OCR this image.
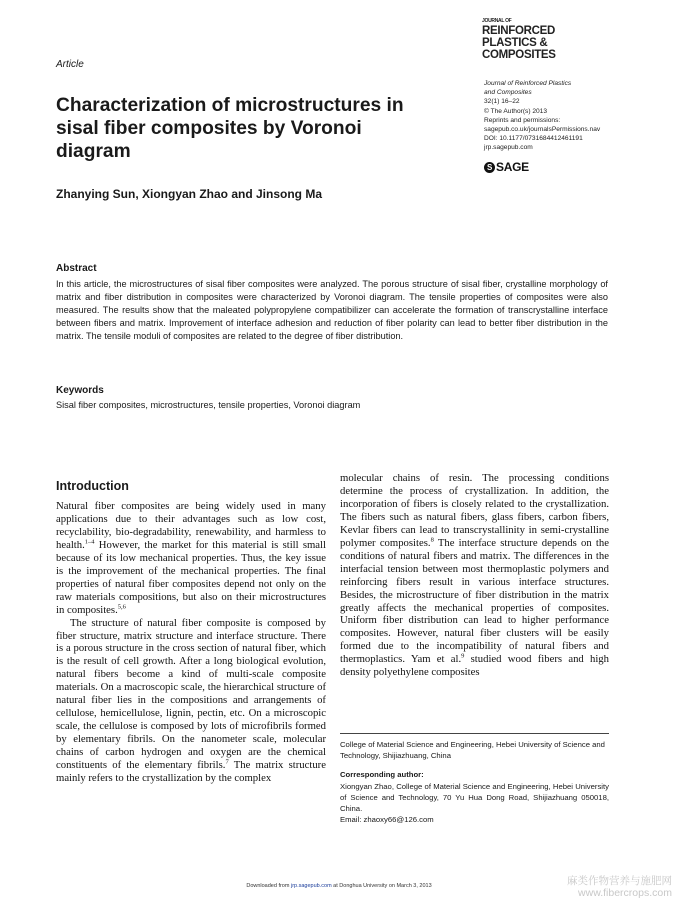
Article
Characterization of microstructures in sisal fiber composites by Voronoi diagram
Zhanying Sun, Xiongyan Zhao and Jinsong Ma
JOURNAL OF
REINFORCED
PLASTICS &
COMPOSITES
Journal of Reinforced Plastics
and Composites
32(1) 16–22
© The Author(s) 2013
Reprints and permissions:
sagepub.co.uk/journalsPermissions.nav
DOI: 10.1177/0731684412461191
jrp.sagepub.com
S SAGE
Abstract

In this article, the microstructures of sisal fiber composites were analyzed. The porous structure of sisal fiber, crystalline morphology of matrix and fiber distribution in composites were characterized by Voronoi diagram. The tensile properties of composites were also measured. The results show that the maleated polypropylene compatibilizer can accelerate the formation of transcrystalline interface between fibers and matrix. Improvement of interface adhesion and reduction of fiber polarity can lead to better fiber distribution in the matrix. The tensile moduli of composites are related to the degree of fiber distribution.

Keywords
Sisal fiber composites, microstructures, tensile properties, Voronoi diagram
Introduction

Natural fiber composites are being widely used in many applications due to their advantages such as low cost, recyclability, bio-degradability, renewability, and harmless to health.$^{1-4}$ However, the market for this material is still small because of its low mechanical properties. Thus, the key issue is the improvement of the mechanical properties. The final properties of natural fiber composites depend not only on the raw materials compositions, but also on their microstructures in composites.$^{5,6}$

The structure of natural fiber composite is composed by fiber structure, matrix structure and interface structure. There is a porous structure in the cross section of natural fiber, which is the result of cell growth. After a long biological evolution, natural fibers become a kind of multi-scale composite materials. On a macroscopic scale, the hierarchical structure of natural fiber lies in the compositions and arrangements of cellulose, hemicellulose, lignin, pectin, etc. On a microscopic scale, the cellulose is composed by lots of microfibrils formed by elementary fibrils. On the nanometer scale, molecular chains of carbon hydrogen and oxygen are the chemical constituents of the elementary fibrils.$^7$ The matrix structure mainly refers to the crystallization by the complex

molecular chains of resin. The processing conditions determine the process of crystallization. In addition, the incorporation of fibers is closely related to the crystallization. The fibers such as natural fibers, glass fibers, carbon fibers, Kevlar fibers can lead to transcrystallinity in semi-crystalline polymer composites.$^8$ The interface structure depends on the conditions of natural fibers and matrix. The differences in the interfacial tension between most thermoplastic polymers and reinforcing fibers result in various interface structures. Besides, the microstructure of fiber distribution in the matrix greatly affects the mechanical properties of composites. Uniform fiber distribution can lead to higher performance composites. However, natural fiber clusters will be easily formed due to the incompatibility of natural fibers and thermoplastics. Yam et al.$^9$ studied wood fibers and high density polyethylene composites

College of Material Science and Engineering, Hebei University of Science and Technology, Shijiazhuang, China

Corresponding author:
Xiongyan Zhao, College of Material Science and Engineering, Hebei University of Science and Technology, 70 Yu Hua Dong Road, Shijiazhuang 050018, China.
Email: zhaoxy66@126.com
Downloaded from jrp.sagepub.com at Donghua University on March 3, 2013	麻类作物营养与施肥网
www.fibercrops.com
